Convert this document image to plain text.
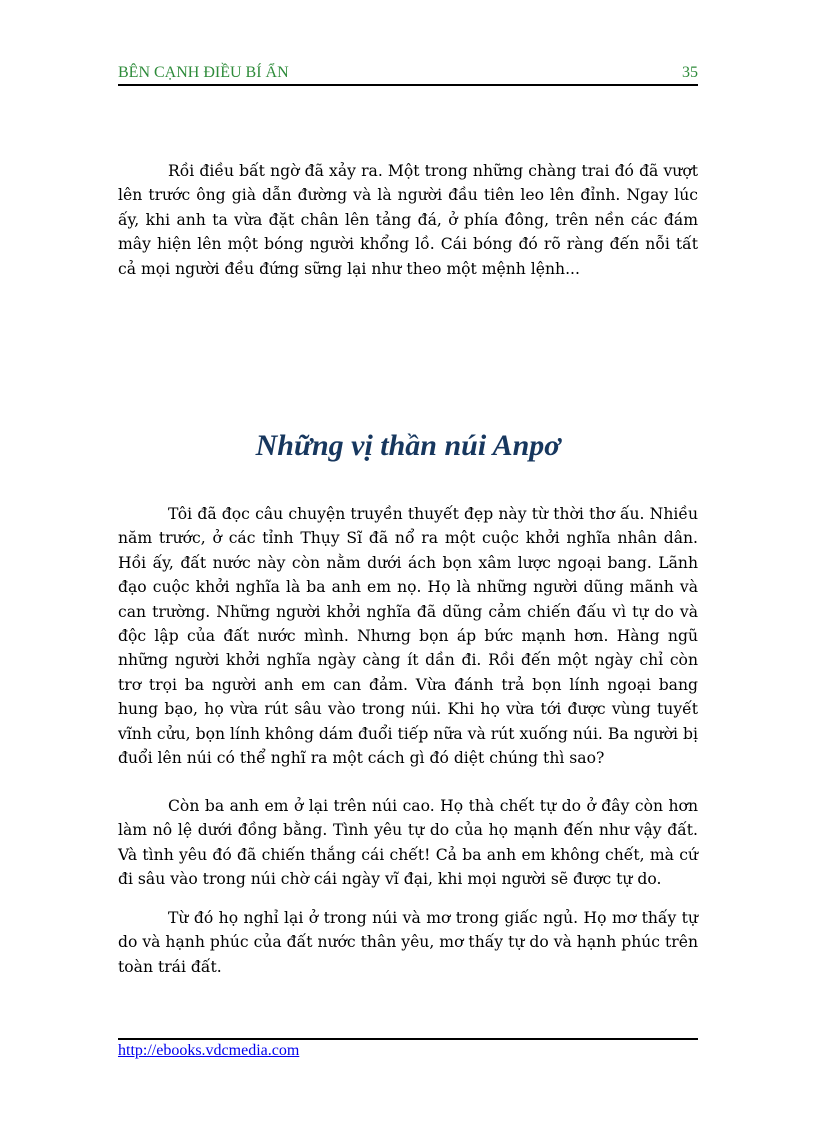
BÊN CẠNH ĐIỀU BÍ ẨN	35

Rồi điều bất ngờ đã xảy ra. Một trong những chàng trai đó đã vượt lên trước ông già dẫn đường và là người đầu tiên leo lên đỉnh. Ngay lúc ấy, khi anh ta vừa đặt chân lên tảng đá, ở phía đông, trên nền các đám mây hiện lên một bóng người khổng lồ. Cái bóng đó rõ ràng đến nỗi tất cả mọi người đều đứng sững lại như theo một mệnh lệnh...

Những vị thần núi Anpơ

Tôi đã đọc câu chuyện truyền thuyết đẹp này từ thời thơ ấu. Nhiều năm trước, ở các tỉnh Thụy Sĩ đã nổ ra một cuộc khởi nghĩa nhân dân. Hồi ấy, đất nước này còn nằm dưới ách bọn xâm lược ngoại bang. Lãnh đạo cuộc khởi nghĩa là ba anh em nọ. Họ là những người dũng mãnh và can trường. Những người khởi nghĩa đã dũng cảm chiến đấu vì tự do và độc lập của đất nước mình. Nhưng bọn áp bức mạnh hơn. Hàng ngũ những người khởi nghĩa ngày càng ít dần đi. Rồi đến một ngày chỉ còn trơ trọi ba người anh em can đảm. Vừa đánh trả bọn lính ngoại bang hung bạo, họ vừa rút sâu vào trong núi. Khi họ vừa tới được vùng tuyết vĩnh cửu, bọn lính không dám đuổi tiếp nữa và rút xuống núi. Ba người bị đuổi lên núi có thể nghĩ ra một cách gì đó diệt chúng thì sao?

Còn ba anh em ở lại trên núi cao. Họ thà chết tự do ở đây còn hơn làm nô lệ dưới đồng bằng. Tình yêu tự do của họ mạnh đến như vậy đất. Và tình yêu đó đã chiến thắng cái chết! Cả ba anh em không chết, mà cứ đi sâu vào trong núi chờ cái ngày vĩ đại, khi mọi người sẽ được tự do.

Từ đó họ nghỉ lại ở trong núi và mơ trong giấc ngủ. Họ mơ thấy tự do và hạnh phúc của đất nước thân yêu, mơ thấy tự do và hạnh phúc trên toàn trái đất.

http://ebooks.vdcmedia.com
